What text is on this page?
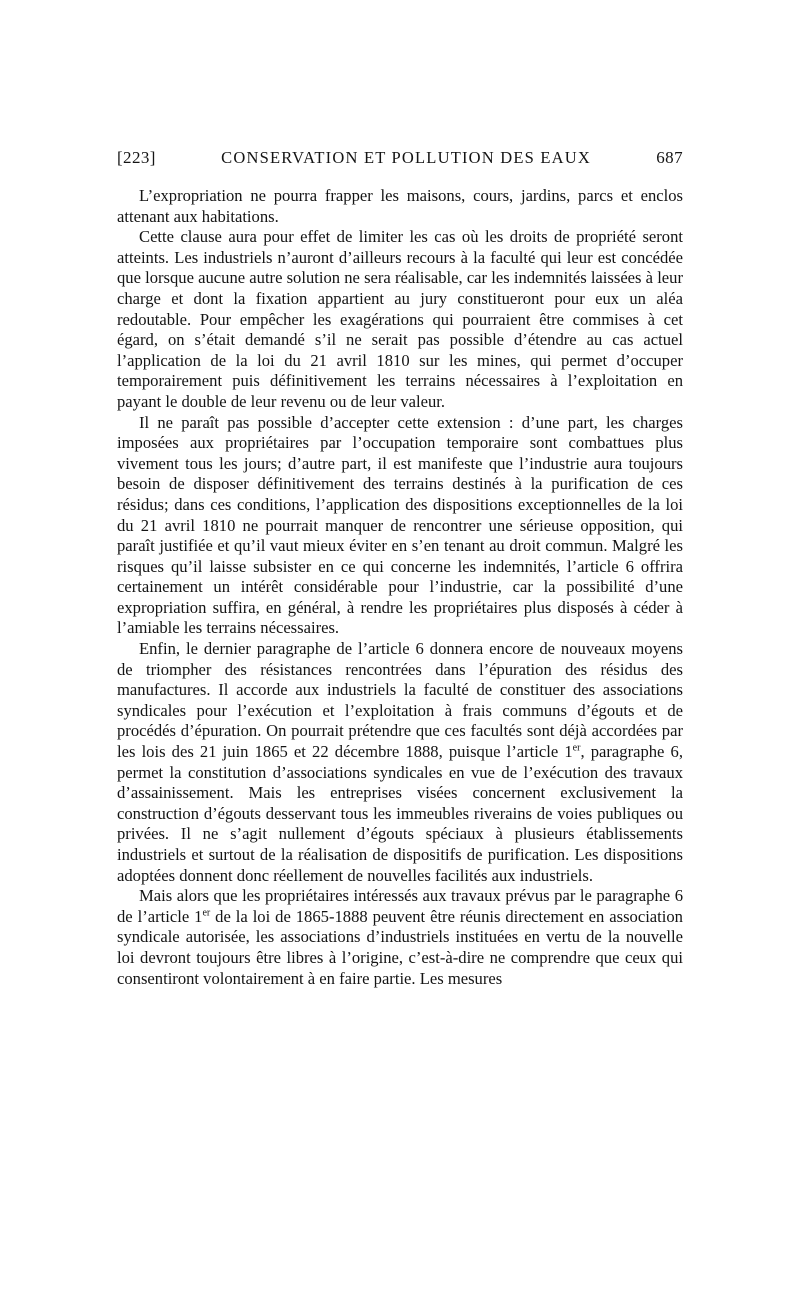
[223]	CONSERVATION ET POLLUTION DES EAUX	687

L’expropriation ne pourra frapper les maisons, cours, jardins, parcs et enclos attenant aux habitations.

Cette clause aura pour effet de limiter les cas où les droits de propriété seront atteints. Les industriels n’auront d’ailleurs recours à la faculté qui leur est concédée que lorsque aucune autre solution ne sera réalisable, car les indemnités laissées à leur charge et dont la fixation appartient au jury constitueront pour eux un aléa redoutable. Pour empêcher les exagérations qui pourraient être commises à cet égard, on s’était demandé s’il ne serait pas possible d’étendre au cas actuel l’application de la loi du 21 avril 1810 sur les mines, qui permet d’occuper temporairement puis définitivement les terrains nécessaires à l’exploitation en payant le double de leur revenu ou de leur valeur.

Il ne paraît pas possible d’accepter cette extension : d’une part, les charges imposées aux propriétaires par l’occupation temporaire sont combattues plus vivement tous les jours; d’autre part, il est manifeste que l’industrie aura toujours besoin de disposer définitivement des terrains destinés à la purification de ces résidus; dans ces conditions, l’application des dispositions exceptionnelles de la loi du 21 avril 1810 ne pourrait manquer de rencontrer une sérieuse opposition, qui paraît justifiée et qu’il vaut mieux éviter en s’en tenant au droit commun. Malgré les risques qu’il laisse subsister en ce qui concerne les indemnités, l’article 6 offrira certainement un intérêt considérable pour l’industrie, car la possibilité d’une expropriation suffira, en général, à rendre les propriétaires plus disposés à céder à l’amiable les terrains nécessaires.

Enfin, le dernier paragraphe de l’article 6 donnera encore de nouveaux moyens de triompher des résistances rencontrées dans l’épuration des résidus des manufactures. Il accorde aux industriels la faculté de constituer des associations syndicales pour l’exécution et l’exploitation à frais communs d’égouts et de procédés d’épuration. On pourrait prétendre que ces facultés sont déjà accordées par les lois des 21 juin 1865 et 22 décembre 1888, puisque l’article 1er, paragraphe 6, permet la constitution d’associations syndicales en vue de l’exécution des travaux d’assainissement. Mais les entreprises visées concernent exclusivement la construction d’égouts desservant tous les immeubles riverains de voies publiques ou privées. Il ne s’agit nullement d’égouts spéciaux à plusieurs établissements industriels et surtout de la réalisation de dispositifs de purification. Les dispositions adoptées donnent donc réellement de nouvelles facilités aux industriels.

Mais alors que les propriétaires intéressés aux travaux prévus par le paragraphe 6 de l’article 1er de la loi de 1865-1888 peuvent être réunis directement en association syndicale autorisée, les associations d’industriels instituées en vertu de la nouvelle loi devront toujours être libres à l’origine, c’est-à-dire ne comprendre que ceux qui consentiront volontairement à en faire partie. Les mesures
